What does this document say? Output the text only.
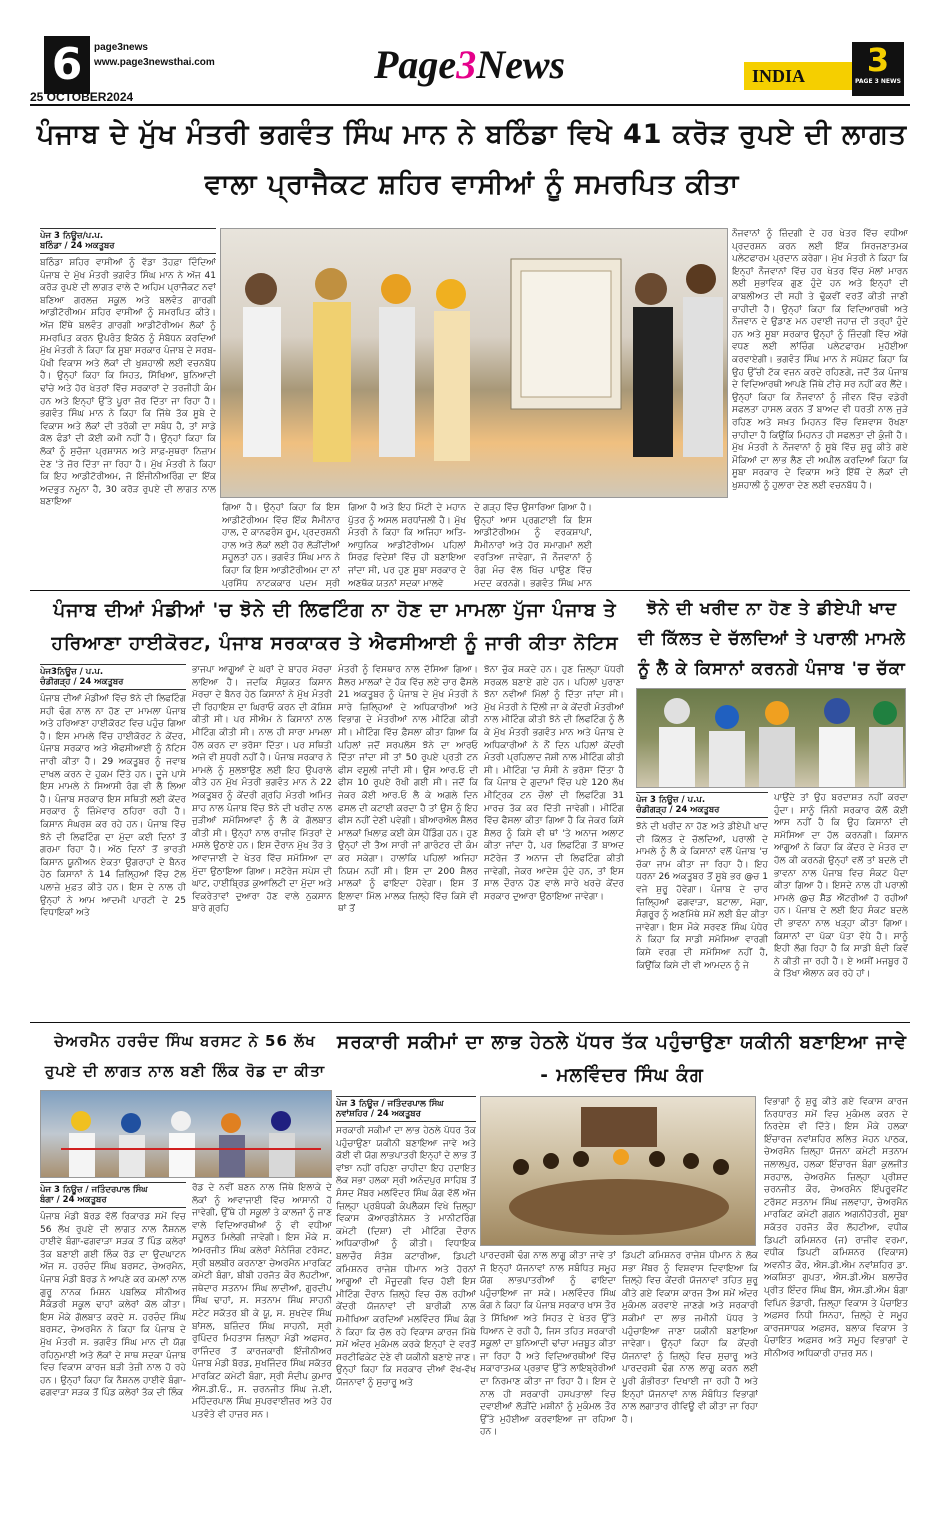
6	page3news
www.page3newsthai.com	Page3News	INDIA	3
PAGE 3 NEWS
25 OCTOBER2024
ਪੰਜਾਬ ਦੇ ਮੁੱਖ ਮੰਤਰੀ ਭਗਵੰਤ ਸਿੰਘ ਮਾਨ ਨੇ ਬਠਿੰਡਾ ਵਿਖੇ 41 ਕਰੋੜ ਰੁਪਏ ਦੀ ਲਾਗਤ ਵਾਲਾ ਪ੍ਰਾਜੈਕਟ ਸ਼ਹਿਰ ਵਾਸੀਆਂ ਨੂੰ ਸਮਰਪਿਤ ਕੀਤਾ
ਪੇਜ 3 ਨਿਊਜ਼/ਪ.ਪ.
ਬਠਿੰਡਾ / 24 ਅਕਤੂਬਰ
ਬਠਿੰਡਾ ਸ਼ਹਿਰ ਵਾਸੀਆਂ ਨੂੰ ਵੱਡਾ ਤੋਹਫ਼ਾ ਦਿੰਦਿਆਂ ਪੰਜਾਬ ਦੇ ਮੁੱਖ ਮੰਤਰੀ ਭਗਵੰਤ ਸਿੰਘ ਮਾਨ ਨੇ ਅੱਜ 41 ਕਰੋੜ ਰੁਪਏ ਦੀ ਲਾਗਤ ਵਾਲੇ ਦੋ ਅਹਿਮ ਪ੍ਰਾਜੈਕਟ ਨਵਾਂ ਬਣਿਆ ਗਰਲਜ਼ ਸਕੂਲ ਅਤੇ ਬਲਵੰਤ ਗਾਰਗੀ ਆਡੀਟੋਰੀਅਮ ਸ਼ਹਿਰ ਵਾਸੀਆਂ ਨੂੰ ਸਮਰਪਿਤ ਕੀਤੇ। ਅੱਜ ਇੱਥੇ ਬਲਵੰਤ ਗਾਰਗੀ ਆਡੀਟੋਰੀਅਮ ਲੋਕਾਂ ਨੂੰ ਸਮਰਪਿਤ ਕਰਨ ਉਪਰੰਤ ਇਕੱਠ ਨੂੰ ਸੰਬੋਧਨ ਕਰਦਿਆਂ ਮੁੱਖ ਮੰਤਰੀ ਨੇ ਕਿਹਾ ਕਿ ਸੂਬਾ ਸਰਕਾਰ ਪੰਜਾਬ ਦੇ ਸਰਬ-ਪੱਖੀ ਵਿਕਾਸ ਅਤੇ ਲੋਕਾਂ ਦੀ ਖੁਸ਼ਹਾਲੀ ਲਈ ਵਚਨਬੱਧ ਹੈ। ਉਨ੍ਹਾਂ ਕਿਹਾ ਕਿ ਸਿਹਤ, ਸਿੱਖਿਆ, ਬੁਨਿਆਦੀ ਢਾਂਚੇ ਅਤੇ ਹੋਰ ਖੇਤਰਾਂ ਵਿੱਚ ਸਰਕਾਰਾਂ ਦੇ ਤਰਜੀਹੀ ਕੰਮ ਹਨ ਅਤੇ ਇਨ੍ਹਾਂ ਉੱਤੇ ਪੂਰਾ ਜ਼ੋਰ ਦਿੱਤਾ ਜਾ ਰਿਹਾ ਹੈ। ਭਗਵੰਤ ਸਿੰਘ ਮਾਨ ਨੇ ਕਿਹਾ ਕਿ ਜਿੱਥੇ ਤੱਕ ਸੂਬੇ ਦੇ ਵਿਕਾਸ ਅਤੇ ਲੋਕਾਂ ਦੀ ਤਰੱਕੀ ਦਾ ਸਬੰਧ ਹੈ, ਤਾਂ ਸਾਡੇ ਕੋਲ ਫੰਡਾਂ ਦੀ ਕੋਈ ਕਮੀ ਨਹੀਂ ਹੈ। ਉਨ੍ਹਾਂ ਕਿਹਾ ਕਿ ਲੋਕਾਂ ਨੂੰ ਸੁਚੱਜਾ ਪ੍ਰਸ਼ਾਸਨ ਅਤੇ ਸਾਫ਼-ਸੁਥਰਾ ਨਿਜ਼ਾਮ ਦੇਣ 'ਤੇ ਜ਼ੋਰ ਦਿੱਤਾ ਜਾ ਰਿਹਾ ਹੈ। ਮੁੱਖ ਮੰਤਰੀ ਨੇ ਕਿਹਾ ਕਿ ਇਹ ਆਡੀਟੋਰੀਅਮ, ਜੋ ਇੰਜੀਨੀਅਰਿੰਗ ਦਾ ਇੱਕ ਅਦਭੁਤ ਨਮੂਨਾ ਹੈ, 30 ਕਰੋੜ ਰੁਪਏ ਦੀ ਲਾਗਤ ਨਾਲ ਬਣਾਇਆ
ਗਿਆ ਹੈ। ਉਨ੍ਹਾਂ ਕਿਹਾ ਕਿ ਇਸ ਆਡੀਟੋਰੀਅਮ ਵਿੱਚ ਇੱਕ ਸੈਮੀਨਾਰ ਹਾਲ, ਦੋ ਕਾਨਫਰੰਸ ਰੂਮ, ਪ੍ਰਦਰਸ਼ਨੀ ਹਾਲ ਅਤੇ ਲੋਕਾਂ ਲਈ ਹੋਰ ਲੋੜੀਂਦੀਆਂ ਸਹੂਲਤਾਂ ਹਨ। ਭਗਵੰਤ ਸਿੰਘ ਮਾਨ ਨੇ ਕਿਹਾ ਕਿ ਇਸ ਆਡੀਟੋਰੀਅਮ ਦਾ ਨਾਂ ਪ੍ਰਸਿੱਧ ਨਾਟਕਕਾਰ ਪਦਮ ਸ੍ਰੀ
ਗਿਆ ਹੈ ਅਤੇ ਇਹ ਮਿੱਟੀ ਦੇ ਮਹਾਨ ਪੁੱਤਰ ਨੂੰ ਅਸਲ ਸ਼ਰਧਾਂਜਲੀ ਹੈ। ਮੁੱਖ ਮੰਤਰੀ ਨੇ ਕਿਹਾ ਕਿ ਅਜਿਹਾ ਅਤਿ-ਆਧੁਨਿਕ ਆਡੀਟੋਰੀਅਮ ਪਹਿਲਾਂ ਸਿਰਫ਼ ਵਿਦੇਸ਼ਾਂ ਵਿੱਚ ਹੀ ਬਣਾਇਆ ਜਾਂਦਾ ਸੀ, ਪਰ ਹੁਣ ਸੂਬਾ ਸਰਕਾਰ ਦੇ ਅਣਥੱਕ ਯਤਨਾਂ ਸਦਕਾ ਮਾਲਵੇ
ਦੇ ਗੜ੍ਹ ਵਿੱਚ ਉਸਾਰਿਆ ਗਿਆ ਹੈ। ਉਨ੍ਹਾਂ ਆਸ ਪ੍ਰਗਟਾਈ ਕਿ ਇਸ ਆਡੀਟੋਰੀਅਮ ਨੂੰ ਵਰਕਸ਼ਾਪਾਂ, ਸੈਮੀਨਾਰਾਂ ਅਤੇ ਹੋਰ ਸਮਾਗਮਾਂ ਲਈ ਵਰਤਿਆ ਜਾਵੇਗਾ, ਜੋ ਨੌਜਵਾਨਾਂ ਨੂੰ ਰੰਗ ਮੰਚ ਵੱਲ ਖਿੱਚ ਪਾਉਣ ਵਿੱਚ ਮਦਦ ਕਰਨਗੇ। ਭਗਵੰਤ ਸਿੰਘ ਮਾਨ
ਨੌਜਵਾਨਾਂ ਨੂੰ ਜ਼ਿੰਦਗੀ ਦੇ ਹਰ ਖੇਤਰ ਵਿੱਚ ਵਧੀਆ ਪ੍ਰਦਰਸ਼ਨ ਕਰਨ ਲਈ ਇੱਕ ਸਿਰਜਣਾਤਮਕ ਪਲੇਟਫਾਰਮ ਪ੍ਰਦਾਨ ਕਰੇਗਾ। ਮੁੱਖ ਮੰਤਰੀ ਨੇ ਕਿਹਾ ਕਿ ਇਨ੍ਹਾਂ ਨੌਜਵਾਨਾਂ ਵਿੱਚ ਹਰ ਖੇਤਰ ਵਿੱਚ ਮੱਲਾਂ ਮਾਰਨ ਲਈ ਸੁਭਾਵਿਕ ਗੁਣ ਹੁੰਦੇ ਹਨ ਅਤੇ ਇਨ੍ਹਾਂ ਦੀ ਕਾਬਲੀਅਤ ਦੀ ਸਹੀ ਤੇ ਢੁੱਕਵੀਂ ਵਰਤੋਂ ਕੀਤੀ ਜਾਣੀ ਚਾਹੀਦੀ ਹੈ। ਉਨ੍ਹਾਂ ਕਿਹਾ ਕਿ ਵਿਦਿਆਰਥੀ ਅਤੇ ਨੌਜਵਾਨ ਦੇ ਉਡਾਣ ਮਨ ਹਵਾਈ ਜਹਾਜ਼ ਦੀ ਤਰ੍ਹਾਂ ਹੁੰਦੇ ਹਨ ਅਤੇ ਸੂਬਾ ਸਰਕਾਰ ਉਨ੍ਹਾਂ ਨੂੰ ਜ਼ਿੰਦਗੀ ਵਿੱਚ ਅੱਗੇ ਵਧਣ ਲਈ ਲਾਂਚਿੰਗ ਪਲੇਟਫਾਰਮ ਮੁਹੱਈਆ ਕਰਵਾਏਗੀ। ਭਗਵੰਤ ਸਿੰਘ ਮਾਨ ਨੇ ਸਪੱਸ਼ਟ ਕਿਹਾ ਕਿ ਉਹ ਉੱਚੀ ਟੱਕ ਵਜ਼ਨ ਕਰਦੇ ਰਹਿਣਗੇ, ਜਦੋਂ ਤੱਕ ਪੰਜਾਬ ਦੇ ਵਿਦਿਆਰਥੀ ਆਪਣੇ ਜਿੱਥੇ ਟੀਚੇ ਸਰ ਨਹੀਂ ਕਰ ਲੈਂਦੇ। ਉਨ੍ਹਾਂ ਕਿਹਾ ਕਿ ਨੌਜਵਾਨਾਂ ਨੂੰ ਜੀਵਨ ਵਿੱਚ ਵਡੇਰੀ ਸਫਲਤਾ ਹਾਸਲ ਕਰਨ ਤੋਂ ਬਾਅਦ ਵੀ ਧਰਤੀ ਨਾਲ ਜੁੜੇ ਰਹਿਣ ਅਤੇ ਸਖ਼ਤ ਮਿਹਨਤ ਵਿੱਚ ਵਿਸ਼ਵਾਸ ਰੱਖਣਾ ਚਾਹੀਦਾ ਹੈ ਕਿਉਂਕਿ ਮਿਹਨਤ ਹੀ ਸਫਲਤਾ ਦੀ ਕੁੰਜੀ ਹੈ। ਮੁੱਖ ਮੰਤਰੀ ਨੇ ਨੌਜਵਾਨਾਂ ਨੂੰ ਸੂਬੇ ਵਿੱਚ ਸ਼ੁਰੂ ਕੀਤੇ ਗਏ ਮੌਕਿਆਂ ਦਾ ਲਾਭ ਲੈਣ ਦੀ ਅਪੀਲ ਕਰਦਿਆਂ ਕਿਹਾ ਕਿ ਸੂਬਾ ਸਰਕਾਰ ਦੇ ਵਿਕਾਸ ਅਤੇ ਇੱਥੋਂ ਦੇ ਲੋਕਾਂ ਦੀ ਖੁਸ਼ਹਾਲੀ ਨੂੰ ਹੁਲਾਰਾ ਦੇਣ ਲਈ ਵਚਨਬੱਧ ਹੈ।
ਪੰਜਾਬ ਦੀਆਂ ਮੰਡੀਆਂ 'ਚ ਝੋਨੇ ਦੀ ਲਿਫਟਿੰਗ ਨਾ ਹੋਣ ਦਾ ਮਾਮਲਾ ਪੁੱਜਾ ਪੰਜਾਬ ਤੇ ਹਰਿਆਣਾ ਹਾਈਕੋਰਟ, ਪੰਜਾਬ ਸਰਕਾਕਰ ਤੇ ਐਫਸੀਆਈ ਨੂੰ ਜਾਰੀ ਕੀਤਾ ਨੋਟਿਸ
ਪੇਜ3ਨਿਊਜ਼ / ਪ.ਪ.
ਚੰਡੀਗੜ੍ਹ / 24 ਅਕਤੂਬਰ
ਪੰਜਾਬ ਦੀਆਂ ਮੰਡੀਆਂ ਵਿੱਚ ਝੋਨੇ ਦੀ ਲਿਫਟਿੰਗ ਸਹੀ ਢੰਗ ਨਾਲ ਨਾ ਹੋਣ ਦਾ ਮਾਮਲਾ ਪੰਜਾਬ ਅਤੇ ਹਰਿਆਣਾ ਹਾਈਕੋਰਟ ਵਿਚ ਪਹੁੰਚ ਗਿਆ ਹੈ। ਇਸ ਮਾਮਲੇ ਵਿੱਚ ਹਾਈਕੋਰਟ ਨੇ ਕੇਂਦਰ, ਪੰਜਾਬ ਸਰਕਾਰ ਅਤੇ ਐਫਸੀਆਈ ਨੂੰ ਨੋਟਿਸ ਜਾਰੀ ਕੀਤਾ ਹੈ। 29 ਅਕਤੂਬਰ ਨੂੰ ਜਵਾਬ ਦਾਖਲ ਕਰਨ ਦੇ ਹੁਕਮ ਦਿੱਤੇ ਹਨ। ਦੂਜੇ ਪਾਸੇ ਇਸ ਮਾਮਲੇ ਨੇ ਸਿਆਸੀ ਰੰਗ ਵੀ ਲੈ ਲਿਆ ਹੈ। ਪੰਜਾਬ ਸਰਕਾਰ ਇਸ ਸਥਿਤੀ ਲਈ ਕੇਂਦਰ ਸਰਕਾਰ ਨੂੰ ਜ਼ਿੰਮੇਵਾਰ ਠਹਿਰਾ ਰਹੀ ਹੈ। ਕਿਸਾਨ ਸੰਘਰਸ਼ ਕਰ ਰਹੇ ਹਨ। ਪੰਜਾਬ ਵਿੱਚ ਝੋਨੇ ਦੀ ਲਿਫਟਿੰਗ ਦਾ ਮੁੱਦਾ ਕਈ ਦਿਨਾਂ ਤੋਂ ਗਰਮਾ ਰਿਹਾ ਹੈ। ਅੱਠ ਦਿਨਾਂ ਤੋਂ ਭਾਰਤੀ ਕਿਸਾਨ ਯੂਨੀਅਨ ਏਕਤਾ ਉਗਰਾਹਾਂ ਦੇ ਬੈਨਰ ਹੇਠ ਕਿਸਾਨਾਂ ਨੇ 14 ਜ਼ਿਲ੍ਹਿਆਂ ਵਿੱਚ ਟੋਲ ਪਲਾਜ਼ੇ ਮੁਫ਼ਤ ਕੀਤੇ ਹਨ। ਇਸ ਦੇ ਨਾਲ ਹੀ ਉਨ੍ਹਾਂ ਨੇ ਆਮ ਆਦਮੀ ਪਾਰਟੀ ਦੇ 25 ਵਿਧਾਇਕਾਂ ਅਤੇ
ਭਾਜਪਾ ਆਗੂਆਂ ਦੇ ਘਰਾਂ ਦੇ ਬਾਹਰ ਮੋਰਚਾ ਲਾਇਆ ਹੈ। ਜਦਕਿ ਸੰਯੁਕਤ ਕਿਸਾਨ ਮੋਰਚਾ ਦੇ ਬੈਨਰ ਹੇਠ ਕਿਸਾਨਾਂ ਨੇ ਮੁੱਖ ਮੰਤਰੀ ਦੀ ਰਿਹਾਇਸ਼ ਦਾ ਘਿਰਾਓ ਕਰਨ ਦੀ ਕੋਸ਼ਿਸ਼ ਕੀਤੀ ਸੀ। ਪਰ ਸੀਐਮ ਨੇ ਕਿਸਾਨਾਂ ਨਾਲ ਮੀਟਿੰਗ ਕੀਤੀ ਸੀ। ਨਾਲ ਹੀ ਸਾਰਾ ਮਾਮਲਾ ਹੱਲ ਕਰਨ ਦਾ ਭਰੋਸਾ ਦਿੱਤਾ। ਪਰ ਸਥਿਤੀ ਅਜੇ ਵੀ ਸੁਧਰੀ ਨਹੀਂ ਹੈ। ਪੰਜਾਬ ਸਰਕਾਰ ਨੇ ਮਾਮਲੇ ਨੂੰ ਸੁਲਝਾਉਣ ਲਈ ਇਹ ਉਪਰਾਲੇ ਕੀਤੇ ਹਨ ਮੁੱਖ ਮੰਤਰੀ ਭਗਵੰਤ ਮਾਨ ਨੇ 22 ਅਕਤੂਬਰ ਨੂੰ ਕੇਂਦਰੀ ਗ੍ਰਹਿ ਮੰਤਰੀ ਅਮਿਤ ਸ਼ਾਹ ਨਾਲ ਪੰਜਾਬ ਵਿੱਚ ਝੋਨੇ ਦੀ ਖਰੀਦ ਨਾਲ ਜੁੜੀਆਂ ਸਮੱਸਿਆਵਾਂ ਨੂੰ ਲੈ ਕੇ ਗੱਲਬਾਤ ਕੀਤੀ ਸੀ। ਉਨ੍ਹਾਂ ਨਾਲ ਰਾਜੀਵ ਮਿੱਤਰਾਂ ਦੇ ਮਸਲੇ ਉਠਾਏ ਹਨ। ਇਸ ਦੌਰਾਨ ਮੁੱਖ ਤੌਰ ਤੇ ਆਵਾਜਾਈ ਦੇ ਖੇਤਰ ਵਿੱਚ ਸਮੱਸਿਆ ਦਾ ਮੁੱਦਾ ਉਠਾਇਆ ਗਿਆ। ਸਟੋਰੇਜ ਸਪੇਸ ਦੀ ਘਾਟ, ਹਾਈਬ੍ਰਿਡ ਕੁਆਲਿਟੀ ਦਾ ਮੁੱਦਾ ਅਤੇ ਵਿਕਰੇਤਾਵਾਂ ਦੁਆਰਾ ਹੋਣ ਵਾਲੇ ਨੁਕਸਾਨ ਬਾਰੇ ਗ੍ਰਹਿ
ਮੰਤਰੀ ਨੂੰ ਵਿਸਥਾਰ ਨਾਲ ਦੱਸਿਆ ਗਿਆ। ਸ਼ੈਲਰ ਮਾਲਕਾਂ ਦੇ ਹੱਕ ਵਿੱਚ ਲਏ ਚਾਰ ਫੈਸਲੇ 21 ਅਕਤੂਬਰ ਨੂੰ ਪੰਜਾਬ ਦੇ ਮੁੱਖ ਮੰਤਰੀ ਨੇ ਸਾਰੇ ਜ਼ਿਲ੍ਹਿਆਂ ਦੇ ਅਧਿਕਾਰੀਆਂ ਅਤੇ ਵਿਭਾਗ ਦੇ ਮੰਤਰੀਆਂ ਨਾਲ ਮੀਟਿੰਗ ਕੀਤੀ ਸੀ। ਮੀਟਿੰਗ ਵਿੱਚ ਫ਼ੈਸਲਾ ਕੀਤਾ ਗਿਆ ਕਿ ਪਹਿਲਾਂ ਜਦੋਂ ਸਰਪਲੱਸ ਝੋਨੇ ਦਾ ਆਰਓ ਦਿੱਤਾ ਜਾਂਦਾ ਸੀ ਤਾਂ 50 ਰੁਪਏ ਪ੍ਰਤੀ ਟਨ ਫੀਸ ਵਸੂਲੀ ਜਾਂਦੀ ਸੀ। ਉਸ ਆਰ.ਓ ਦੀ ਫੀਸ 10 ਰੁਪਏ ਰੱਖੀ ਗਈ ਸੀ। ਜਦੋਂ ਕਿ ਜੇਕਰ ਕੋਈ ਆਰ.ਓ ਲੈ ਕੇ ਅਗਲੇ ਦਿਨ ਫਸਲ ਦੀ ਕਟਾਈ ਕਰਦਾ ਹੈ ਤਾਂ ਉਸ ਨੂੰ ਇਹ ਫੀਸ ਨਹੀਂ ਦੇਣੀ ਪਵੇਗੀ। ਬੀਆਰਐਲ ਸ਼ੈਲਰ ਮਾਲਕਾਂ ਖ਼ਿਲਾਫ਼ ਕਈ ਕੇਸ ਪੈਂਡਿੰਗ ਹਨ। ਹੁਣ ਉਨ੍ਹਾਂ ਦੀ ਤੈਅ ਸਾਰੀ ਜਾਂ ਗਾਰੰਟਰ ਦੀ ਕੰਮ ਕਰ ਸਕੇਗਾ। ਹਾਲਾਂਕਿ ਪਹਿਲਾਂ ਅਜਿਹਾ ਨਿਯਮ ਨਹੀਂ ਸੀ। ਇਸ ਦਾ 200 ਸ਼ੈਲਰ ਮਾਲਕਾਂ ਨੂੰ ਫਾਇਦਾ ਹੋਵੇਗਾ। ਇਸ ਤੋਂ ਇਲਾਵਾ ਮਿੱਲ ਮਾਲਕ ਜ਼ਿਲ੍ਹੇ ਵਿੱਚ ਕਿਸੇ ਵੀ ਥਾਂ ਤੋਂ
ਝੋਨਾ ਚੁੱਕ ਸਕਦੇ ਹਨ। ਹੁਣ ਜ਼ਿਲ੍ਹਾ ਪੱਧਰੀ ਸਰਕਲ ਬਣਾਏ ਗਏ ਹਨ। ਪਹਿਲਾਂ ਪੁਰਾਣਾ ਝੋਨਾ ਨਵੀਆਂ ਮਿੱਲਾਂ ਨੂੰ ਦਿੱਤਾ ਜਾਂਦਾ ਸੀ। ਮੁੱਖ ਮੰਤਰੀ ਨੇ ਦਿੱਲੀ ਜਾ ਕੇ ਕੇਂਦਰੀ ਮੰਤਰੀਆਂ ਨਾਲ ਮੀਟਿੰਗ ਕੀਤੀ ਝੋਨੇ ਦੀ ਲਿਫਟਿੰਗ ਨੂੰ ਲੈ ਕੇ ਮੁੱਖ ਮੰਤਰੀ ਭਗਵੰਤ ਮਾਨ ਅਤੇ ਪੰਜਾਬ ਦੇ ਅਧਿਕਾਰੀਆਂ ਨੇ ਨੌਂ ਦਿਨ ਪਹਿਲਾਂ ਕੇਂਦਰੀ ਮੰਤਰੀ ਪ੍ਰਹਿਲਾਦ ਜੋਸ਼ੀ ਨਾਲ ਮੀਟਿੰਗ ਕੀਤੀ ਸੀ। ਮੀਟਿੰਗ 'ਚ ਸੰਸੀ ਨੇ ਭਰੋਸਾ ਦਿੱਤਾ ਹੈ ਕਿ ਪੰਜਾਬ ਦੇ ਗੁਦਾਮਾਂ ਵਿੱਚ ਪਏ 120 ਲੱਖ ਮੀਟ੍ਰਿਕ ਟਨ ਚੌਲਾਂ ਦੀ ਲਿਫਟਿੰਗ 31 ਮਾਰਚ ਤੱਕ ਕਰ ਦਿੱਤੀ ਜਾਵੇਗੀ। ਮੀਟਿੰਗ ਵਿੱਚ ਫੈਸਲਾ ਕੀਤਾ ਗਿਆ ਹੈ ਕਿ ਜੇਕਰ ਕਿਸੇ ਸ਼ੈਲਰ ਨੂੰ ਕਿਸੇ ਵੀ ਥਾਂ 'ਤੇ ਅਨਾਜ ਅਲਾਟ ਕੀਤਾ ਜਾਂਦਾ ਹੈ, ਪਰ ਲਿਫਟਿੰਗ ਤੋਂ ਬਾਅਦ ਸਟੋਰੇਜ ਤੋਂ ਅਨਾਜ ਦੀ ਲਿਫਟਿੰਗ ਕੀਤੀ ਜਾਵੇਗੀ, ਜੇਕਰ ਆਦੇਸ਼ ਹੁੰਦੇ ਹਨ, ਤਾਂ ਇਸ ਸਾਲ ਦੌਰਾਨ ਹੋਣ ਵਾਲੇ ਸਾਰੇ ਖਰਚੇ ਕੇਂਦਰ ਸਰਕਾਰ ਦੁਆਰਾ ਉਠਾਇਆ ਜਾਵੇਗਾ।
ਝੋਨੇ ਦੀ ਖਰੀਦ ਨਾ ਹੋਣ ਤੇ ਡੀਏਪੀ ਖਾਦ ਦੀ ਕਿੱਲਤ ਦੇ ਚੱਲਦਿਆਂ ਤੇ ਪਰਾਲੀ ਮਾਮਲੇ ਨੂੰ ਲੈ ਕੇ ਕਿਸਾਨਾਂ ਕਰਨਗੇ ਪੰਜਾਬ 'ਚ ਚੱਕਾ
ਪੇਜ 3 ਨਿਊਜ਼ / ਪ.ਪ.
ਚੰਡੀਗੜ੍ਹ / 24 ਅਕਤੂਬਰ
ਝੋਨੇ ਦੀ ਖਰੀਦ ਨਾ ਹੋਣ ਅਤੇ ਡੀਏਪੀ ਖਾਦ ਦੀ ਕਿੱਲਤ ਦੇ ਚੱਲਦਿਆਂ, ਪਰਾਲੀ ਦੇ ਮਾਮਲੇ ਨੂੰ ਲੈ ਕੇ ਕਿਸਾਨਾਂ ਵਲੋਂ ਪੰਜਾਬ 'ਚ ਚੱਕਾ ਜਾਮ ਕੀਤਾ ਜਾ ਰਿਹਾ ਹੈ। ਇਹ ਧਰਨਾ 26 ਅਕਤੂਬਰ ਤੋਂ ਸੂਬੇ ਭਰ @ਚ 1 ਵਜੇ ਸ਼ੁਰੂ ਹੋਵੇਗਾ। ਪੰਜਾਬ ਦੇ ਚਾਰ ਜ਼ਿਲ੍ਹਿਆਂ ਫਗਵਾੜਾ, ਬਟਾਲਾ, ਮੋਗਾ, ਸੰਗਰੂਰ ਨੂੰ ਅਣਮਿੱਥੇ ਸਮੇਂ ਲਈ ਬੰਦ ਕੀਤਾ ਜਾਵੇਗਾ। ਇਸ ਮੌਕੇ ਸਰਵਣ ਸਿੰਘ ਪੰਧੇਰ ਨੇ ਕਿਹਾ ਕਿ ਸਾਡੀ ਸਮੱਸਿਆ ਵਾਰਗੀ ਕਿਸੇ ਵਰਗ ਦੀ ਸਮੱਸਿਆ ਨਹੀਂ ਹੈ, ਕਿਉਂਕਿ ਕਿਸੇ ਦੀ ਵੀ ਆਮਦਨ ਨੂੰ ਜੇ
ਪਾਉਂਦੇ ਤਾਂ ਉਹ ਬਰਦਾਸ਼ਤ ਨਹੀਂ ਕਰਦਾ ਹੁੰਦਾ। ਸਾਨੂੰ ਜਿੰਨੀ ਸਰਕਾਰ ਕੋਲੋਂ ਕੋਈ ਆਸ ਨਹੀਂ ਹੈ ਕਿ ਉਹ ਕਿਸਾਨਾਂ ਦੀ ਸਮੱਸਿਆ ਦਾ ਹੱਲ ਕਰਨਗੀ। ਕਿਸਾਨ ਆਗੂਆਂ ਨੇ ਕਿਹਾ ਕਿ ਕੇਂਦਰ ਦੇ ਮੰਤਰ ਦਾ ਹੱਲ ਕੀ ਕਰਨਗੇ ਉਨ੍ਹਾਂ ਵਲੋਂ ਤਾਂ ਬਦਲੇ ਦੀ ਭਾਵਨਾ ਨਾਲ ਪੰਜਾਬ ਵਿਚ ਸੰਕਟ ਪੈਦਾ ਕੀਤਾ ਗਿਆ ਹੈ। ਇਸਦੇ ਨਾਲ ਹੀ ਪਰਾਲੀ ਮਾਮਲੇ @ਚ ਸ਼ੈੱਡ ਐੱਟਰੀਆਂ ਹੋ ਰਹੀਆਂ ਹਨ। ਪੰਜਾਬ ਦੇ ਲਈ ਇਹ ਸੰਕਟ ਬਦਲੇ ਦੀ ਭਾਵਨਾ ਨਾਲ ਖੜ੍ਹਾ ਕੀਤਾ ਗਿਆ। ਕਿਸਾਨਾਂ ਦਾ ਪੱਕਾ ਪੱਤਾ ਵੱਧੇ ਹੈ। ਸਾਨੂੰ ਇਹੀ ਲੱਗ ਰਿਹਾ ਹੈ ਕਿ ਸਾਡੀ ਬੰਦੀ ਕਿਵੇਂ ਨੇ ਕੀਤੀ ਜਾ ਰਹੀ ਹੈ। ਏ ਅਸੀਂ ਮਜਬੂਰ ਹੋ ਕੇ ਤਿੱਖਾ ਐਲਾਨ ਕਰ ਰਹੇ ਹਾਂ।
ਚੇਅਰਮੈਨ ਹਰਚੰਦ ਸਿੰਘ ਬਰਸਟ ਨੇ 56 ਲੱਖ ਰੁਪਏ ਦੀ ਲਾਗਤ ਨਾਲ ਬਣੀ ਲਿੰਕ ਰੋਡ ਦਾ ਕੀਤਾ
ਪੇਜ 3 ਨਿਊਜ਼ / ਜਤਿੰਦਰਪਾਲ ਸਿੰਘ
ਬੰਗਾ / 24 ਅਕਤੂਬਰ
ਪੰਜਾਬ ਮੰਡੀ ਬੋਰਡ ਵੱਲੋਂ ਰਿਕਾਰਡ ਸਮੇਂ ਵਿਚ 56 ਲੱਖ ਰੁਪਏ ਦੀ ਲਾਗਤ ਨਾਲ ਨੈਸ਼ਨਲ ਹਾਈਵੇ ਬੰਗਾ-ਫਗਵਾੜਾ ਸੜਕ ਤੋਂ ਪਿੰਡ ਕਲੇਰਾਂ ਤੱਕ ਬਣਾਈ ਗਈ ਲਿੰਕ ਰੋਡ ਦਾ ਉਦਘਾਟਨ ਅੱਜ ਸ. ਹਰਚੰਦ ਸਿੰਘ ਬਰਸਟ, ਚੇਅਰਮੈਨ, ਪੰਜਾਬ ਮੰਡੀ ਬੋਰਡ ਨੇ ਆਪਣੇ ਕਰ ਕਮਲਾਂ ਨਾਲ ਗੁਰੂ ਨਾਨਕ ਮਿਸ਼ਨ ਪਬਲਿਕ ਸੀਨੀਅਰ ਸੈਕੰਡਰੀ ਸਕੂਲ ਢਾਹਾਂ ਕਲੇਰਾਂ ਕੋਲ ਕੀਤਾ। ਇਸ ਮੌਕੇ ਗੱਲਬਾਤ ਕਰਦੇ ਸ. ਹਰਚੰਦ ਸਿੰਘ ਬਰਸਟ, ਚੇਅਰਮੈਨ ਨੇ ਕਿਹਾ ਕਿ ਪੰਜਾਬ ਦੇ ਮੁੱਖ ਮੰਤਰੀ ਸ. ਭਗਵੰਤ ਸਿੰਘ ਮਾਨ ਦੀ ਯੋਗ ਰਹਿਨੁਮਾਈ ਅਤੇ ਲੋਕਾਂ ਦੇ ਸਾਥ ਸਦਕਾ ਪੰਜਾਬ ਵਿਚ ਵਿਕਾਸ ਕਾਰਜ ਬੜੀ ਤੇਜ਼ੀ ਨਾਲ ਹੋ ਰਹੇ ਹਨ। ਉਨ੍ਹਾਂ ਕਿਹਾ ਕਿ ਨੈਸ਼ਨਲ ਹਾਈਵੇ ਬੰਗਾ-ਫਗਵਾੜਾ ਸੜਕ ਤੋਂ ਪਿੰਡ ਕਲੇਰਾਂ ਤੱਕ ਦੀ ਲਿੰਕ
ਰੋਡ ਦੇ ਨਵੀਂ ਬਣਨ ਨਾਲ ਜਿੱਥੇ ਇਲਾਕੇ ਦੇ ਲੋਕਾਂ ਨੂੰ ਆਵਾਜਾਈ ਵਿੱਚ ਆਸਾਨੀ ਹੋ ਜਾਵੇਗੀ, ਉੱਥੇ ਹੀ ਸਕੂਲਾਂ ਤੇ ਕਾਲਜਾਂ ਨੂੰ ਜਾਣ ਵਾਲੇ ਵਿਦਿਆਰਥੀਆਂ ਨੂੰ ਵੀ ਵਧੀਆ ਸਹੂਲਤ ਮਿਲੇਗੀ ਜਾਵੇਗੀ। ਇਸ ਮੌਕੇ ਸ. ਅਮਰਜੀਤ ਸਿੰਘ ਕਲੇਰਾਂ ਮੈਨੇਜਿੰਗ ਟਰੱਸਟ, ਸ੍ਰੀ ਬਲਬੀਰ ਕਰਨਾਣਾ ਚੇਅਰਮੈਨ ਮਾਰਕਿਟ ਕਮੇਟੀ ਬੰਗਾ, ਬੀਬੀ ਹਰਜੋਤ ਕੌਰ ਲੋਹਟੀਆ, ਜਥੇਦਾਰ ਸਤਨਾਮ ਸਿੰਘ ਲਾਦੀਆਂ, ਗੁਰਦੀਪ ਸਿੰਘ ਢਾਹਾਂ, ਸ. ਸਤਨਾਮ ਸਿੰਘ ਸਾਹਨੀ ਸਟੇਟ ਸਕੱਤਰ ਬੀ ਕੇ ਯੂ, ਸ. ਸੁਖਦੇਵ ਸਿੰਘ ਬਾਂਸਲ, ਬਜ਼ਿੰਦਰ ਸਿੰਘ ਸਾਹਨੀ, ਸ੍ਰੀ ਰੁਪਿੰਦਰ ਮਿਹਤਾਸ ਜ਼ਿਲ੍ਹਾ ਮੰਡੀ ਅਫਸਰ, ਰਾਜਿੰਦਰ ਤੋਂ ਕਾਰਜਕਾਰੀ ਇੰਜੀਨੀਅਰ ਪੰਜਾਬ ਮੰਡੀ ਬੋਰਡ, ਸੁਖਜਿੰਦਰ ਸਿੰਘ ਸਕੱਤਰ ਮਾਰਕਿਟ ਕਮੇਟੀ ਬੰਗਾ, ਸ੍ਰੀ ਸੰਦੀਪ ਕੁਮਾਰ ਐਸ.ਡੀ.ਓ., ਸ. ਚਰਨਜੀਤ ਸਿੰਘ ਜੇ.ਈ, ਮਹਿੰਦਰਪਾਲ ਸਿੰਘ ਸੁਪਰਵਾਈਜ਼ਰ ਅਤੇ ਹੋਰ ਪਤਵੰਤੇ ਵੀ ਹਾਜ਼ਰ ਸਨ।
ਸਰਕਾਰੀ ਸਕੀਮਾਂ ਦਾ ਲਾਭ ਹੇਠਲੇ ਪੱਧਰ ਤੱਕ ਪਹੁੰਚਾਉਣਾ ਯਕੀਨੀ ਬਣਾਇਆ ਜਾਵੇ - ਮਲਵਿੰਦਰ ਸਿੰਘ ਕੰਗ
ਪੇਜ 3 ਨਿਊਜ਼ / ਜਤਿੰਦਰਪਾਲ ਸਿੰਘ
ਨਵਾਂਸ਼ਹਿਰ / 24 ਅਕਤੂਬਰ
ਸਰਕਾਰੀ ਸਕੀਮਾਂ ਦਾ ਲਾਭ ਹੇਠਲੇ ਪੱਧਰ ਤੱਕ ਪਹੁੰਚਾਉਣਾ ਯਕੀਨੀ ਬਣਾਇਆ ਜਾਵੇ ਅਤੇ ਕੋਈ ਵੀ ਯੋਗ ਲਾਭਪਾਤਰੀ ਇਨ੍ਹਾਂ ਦੇ ਲਾਭ ਤੋਂ ਵਾਂਝਾ ਨਹੀਂ ਰਹਿਣਾ ਚਾਹੀਦਾ ਇਹ ਹਦਾਇਤ ਲੋਕ ਸਭਾ ਹਲਕਾ ਸ੍ਰੀ ਅਨੰਦਪੁਰ ਸਾਹਿਬ ਤੋਂ ਸੰਸਦ ਮੈਂਬਰ ਮਲਵਿੰਦਰ ਸਿੰਘ ਕੰਗ ਵੱਲੋਂ ਅੱਜ ਜ਼ਿਲ੍ਹਾ ਪ੍ਰਬੰਧਕੀ ਕੰਪਲੈਕਸ ਵਿਖੇ ਜ਼ਿਲ੍ਹਾ ਵਿਕਾਸ ਕੋਆਰਡੀਨੇਸ਼ਨ ਤੇ ਮਾਨੀਟਰਿੰਗ ਕਮੇਟੀ (ਦਿਸ਼ਾ) ਦੀ ਮੀਟਿੰਗ ਦੌਰਾਨ ਅਧਿਕਾਰੀਆਂ ਨੂੰ ਕੀਤੀ। ਵਿਧਾਇਕ ਬਲਾਚੌਰ ਸੰਤੋਸ਼ ਕਟਾਰੀਆ, ਡਿਪਟੀ ਕਮਿਸ਼ਨਰ ਰਾਜੇਸ਼ ਧੀਮਾਨ ਅਤੇ ਹੋਰਨਾਂ ਆਗੂਆਂ ਦੀ ਮੌਜੂਦਗੀ ਵਿਚ ਹੋਈ ਇਸ ਮੀਟਿੰਗ ਦੌਰਾਨ ਜ਼ਿਲ੍ਹੇ ਵਿਚ ਚੱਲ ਰਹੀਆਂ ਕੇਂਦਰੀ ਯੋਜਨਾਵਾਂ ਦੀ ਬਾਰੀਕੀ ਨਾਲ ਸਮੀਖਿਆ ਕਰਦਿਆਂ ਮਲਵਿੰਦਰ ਸਿੰਘ ਕੰਗ ਨੇ ਕਿਹਾ ਕਿ ਚੱਲ ਰਹੇ ਵਿਕਾਸ ਕਾਰਜ ਮਿੱਥੇ ਸਮੇਂ ਅੰਦਰ ਮੁਕੰਮਲ ਕਰਕੇ ਇਨ੍ਹਾਂ ਦੇ ਵਰਤੋਂ ਸਰਟੀਫਿਕੇਟ ਦੇਣੇ ਵੀ ਯਕੀਨੀ ਬਣਾਏ ਜਾਣ। ਉਨ੍ਹਾਂ ਕਿਹਾ ਕਿ ਸਰਕਾਰ ਦੀਆਂ ਵੱਖ-ਵੱਖ ਯੋਜਨਾਵਾਂ ਨੂੰ ਸੁਚਾਰੂ ਅਤੇ
ਪਾਰਦਰਸ਼ੀ ਢੰਗ ਨਾਲ ਲਾਗੂ ਕੀਤਾ ਜਾਵੇ ਤਾਂ ਜੋ ਇਨ੍ਹਾਂ ਯੋਜਨਾਵਾਂ ਨਾਲ ਸਬੰਧਿਤ ਸਮੂਹ ਯੋਗ ਲਾਭਪਾਤਰੀਆਂ ਨੂੰ ਫਾਇਦਾ ਪਹੁੰਚਾਇਆ ਜਾ ਸਕੇ। ਮਲਵਿੰਦਰ ਸਿੰਘ ਕੰਗ ਨੇ ਕਿਹਾ ਕਿ ਪੰਜਾਬ ਸਰਕਾਰ ਖਾਸ ਤੌਰ ਤੇ ਸਿੱਖਿਆ ਅਤੇ ਸਿਹਤ ਦੇ ਖੇਤਰ ਉੱਤੇ ਧਿਆਨ ਦੇ ਰਹੀ ਹੈ, ਜਿਸ ਤਹਿਤ ਸਰਕਾਰੀ ਸਕੂਲਾਂ ਦਾ ਬੁਨਿਆਦੀ ਢਾਂਚਾ ਮਜ਼ਬੂਤ ਕੀਤਾ ਜਾ ਰਿਹਾ ਹੈ ਅਤੇ ਵਿਦਿਆਰਥੀਆਂ ਵਿੱਚ ਸਕਾਰਾਤਮਕ ਪ੍ਰਭਾਵ ਉੱਤੇ ਲਾਇਬ੍ਰੇਰੀਆਂ ਦਾ ਨਿਰਮਾਣ ਕੀਤਾ ਜਾ ਰਿਹਾ ਹੈ। ਇਸ ਦੇ ਨਾਲ ਹੀ ਸਰਕਾਰੀ ਹਸਪਤਾਲਾਂ ਵਿਚ ਦਵਾਈਆਂ ਲੋੜੀਂਦੇ ਮਸ਼ੀਨਾਂ ਨੂੰ ਮੁਕੰਮਲ ਤੌਰ ਉੱਤੇ ਮੁਹੱਈਆ ਕਰਵਾਇਆ ਜਾ ਰਹਿਆ ਹਨ।
ਡਿਪਟੀ ਕਮਿਸ਼ਨਰ ਰਾਜੇਸ਼ ਧੀਮਾਨ ਨੇ ਲੋਕ ਸਭਾ ਮੈਂਬਰ ਨੂੰ ਵਿਸ਼ਵਾਸ ਦਿਵਾਇਆ ਕਿ ਜ਼ਿਲ੍ਹੇ ਵਿਚ ਕੇਂਦਰੀ ਯੋਜਨਾਵਾਂ ਤਹਿਤ ਸ਼ੁਰੂ ਕੀਤੇ ਗਏ ਵਿਕਾਸ ਕਾਰਜ ਤੈਅ ਸਮੇਂ ਅੰਦਰ ਮੁਕੰਮਲ ਕਰਵਾਏ ਜਾਣਗੇ ਅਤੇ ਸਰਕਾਰੀ ਸਕੀਮਾਂ ਦਾ ਲਾਭ ਜਮੀਨੀ ਪੱਧਰ ਤੇ ਪਹੁੰਚਾਇਆ ਜਾਣਾ ਯਕੀਨੀ ਬਣਾਇਆ ਜਾਵੇਗਾ। ਉਨ੍ਹਾਂ ਕਿਹਾ ਕਿ ਕੇਂਦਰੀ ਯੋਜਨਾਵਾਂ ਨੂੰ ਜ਼ਿਲ੍ਹੇ ਵਿਚ ਸੁਚਾਰੂ ਅਤੇ ਪਾਰਦਰਸ਼ੀ ਢੰਗ ਨਾਲ ਲਾਗੂ ਕਰਨ ਲਈ ਪੂਰੀ ਗੰਭੀਰਤਾ ਦਿਖਾਈ ਜਾ ਰਹੀ ਹੈ ਅਤੇ ਇਨ੍ਹਾਂ ਯੋਜਨਾਵਾਂ ਨਾਲ ਸੰਬੰਧਿਤ ਵਿਭਾਗਾਂ ਨਾਲ ਲਗਾਤਾਰ ਰੀਵਿਊ ਵੀ ਕੀਤਾ ਜਾ ਰਿਹਾ ਹੈ।
ਵਿਭਾਗਾਂ ਨੂੰ ਸ਼ੁਰੂ ਕੀਤੇ ਗਏ ਵਿਕਾਸ ਕਾਰਜ ਨਿਰਧਾਰਤ ਸਮੇਂ ਵਿਚ ਮੁਕੰਮਲ ਕਰਨ ਦੇ ਨਿਰਦੇਸ਼ ਵੀ ਦਿੱਤੇ। ਇਸ ਮੌਕੇ ਹਲਕਾ ਇੰਚਾਰਜ ਨਵਾਂਸ਼ਹਿਰ ਲਲਿਤ ਮੋਹਨ ਪਾਠਕ, ਚੇਅਰਮੈਨ ਜ਼ਿਲ੍ਹਾ ਯੋਜਨਾ ਕਮੇਟੀ ਸਤਨਾਮ ਜਲਾਲਪੁਰ, ਹਲਕਾ ਇੰਚਾਰਜ ਬੰਗਾ ਕੁਲਜੀਤ ਸਰਹਾਲ, ਚੇਅਰਮੈਨ ਜ਼ਿਲ੍ਹਾ ਪ੍ਰੀਸ਼ਦ ਚਰਨਜੀਤ ਕੌਰ, ਚੇਅਰਮੈਨ ਇੰਪਰੂਵਮੈਂਟ ਟਰੱਸਟ ਸਤਨਾਮ ਸਿੰਘ ਜਲਵਾਹਾ, ਚੇਅਰਮੈਨ ਮਾਰਕਿਟ ਕਮੇਟੀ ਗਗਨ ਅਗਨੀਹੋਤਰੀ, ਸੂਬਾ ਸਕੱਤਰ ਹਰਜੋਤ ਕੌਰ ਲੋਹਟੀਆ, ਵਧੀਕ ਡਿਪਟੀ ਕਮਿਸ਼ਨਰ (ਜ) ਰਾਜੀਵ ਵਰਮਾ, ਵਧੀਕ ਡਿਪਟੀ ਕਮਿਸ਼ਨਰ (ਵਿਕਾਸ) ਅਵਨੀਤ ਕੌਰ, ਐਸ.ਡੀ.ਐਮ ਨਵਾਂਸ਼ਹਿਰ ਡਾ. ਅਕਸ਼ਿਤਾ ਗੁਪਤਾ, ਐਸ.ਡੀ.ਐਮ ਬਲਾਚੌਰ ਪ੍ਰੀਤ ਇੰਦਰ ਸਿੰਘ ਬੈਂਸ, ਐਸ.ਡੀ.ਐਮ ਬੰਗਾ ਵਿਪਿਨ ਭੰਡਾਰੀ, ਜ਼ਿਲ੍ਹਾ ਵਿਕਾਸ ਤੇ ਪੰਚਾਇਤ ਅਫ਼ਸਰ ਨਿਧੀ ਸਿਨਹਾ, ਜ਼ਿਲ੍ਹੇ ਦੇ ਸਮੂਹ ਕਾਰਜਸਾਧਕ ਅਫ਼ਸਰ, ਬਲਾਕ ਵਿਕਾਸ ਤੇ ਪੰਚਾਇਤ ਅਫ਼ਸਰ ਅਤੇ ਸਮੂਹ ਵਿਭਾਗਾਂ ਦੇ ਸੀਨੀਅਰ ਅਧਿਕਾਰੀ ਹਾਜ਼ਰ ਸਨ।
